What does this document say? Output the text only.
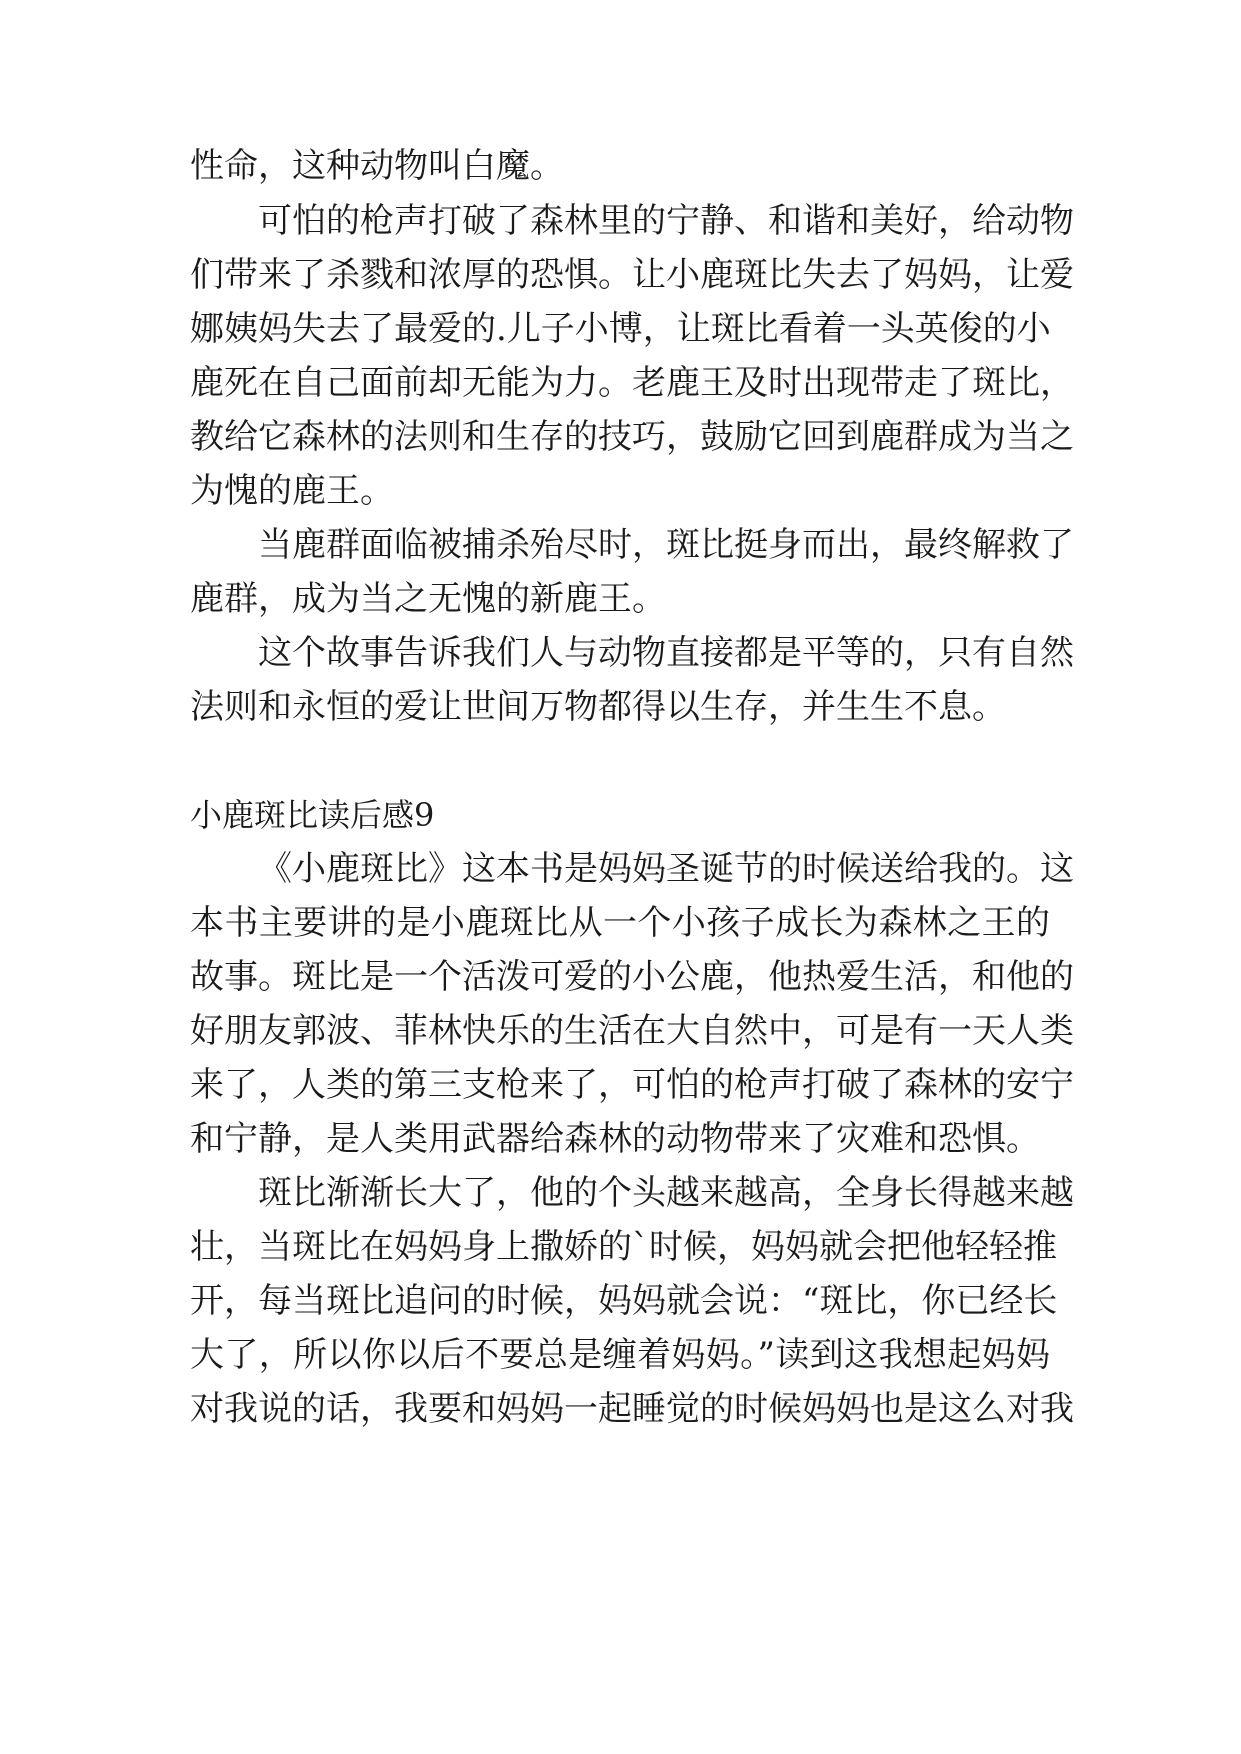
性命，这种动物叫白魔。

可怕的枪声打破了森林里的宁静、和谐和美好，给动物

们带来了杀戮和浓厚的恐惧。让小鹿斑比失去了妈妈，让爱

娜姨妈失去了最爱的.儿子小博，让斑比看着一头英俊的小

鹿死在自己面前却无能为力。老鹿王及时出现带走了斑比，

教给它森林的法则和生存的技巧，鼓励它回到鹿群成为当之

为愧的鹿王。

当鹿群面临被捕杀殆尽时，斑比挺身而出，最终解救了

鹿群，成为当之无愧的新鹿王。

这个故事告诉我们人与动物直接都是平等的，只有自然

法则和永恒的爱让世间万物都得以生存，并生生不息。

小鹿斑比读后感9

《小鹿斑比》这本书是妈妈圣诞节的时候送给我的。这

本书主要讲的是小鹿斑比从一个小孩子成长为森林之王的

故事。斑比是一个活泼可爱的小公鹿，他热爱生活，和他的

好朋友郭波、菲林快乐的生活在大自然中，可是有一天人类

来了，人类的第三支枪来了，可怕的枪声打破了森林的安宁

和宁静，是人类用武器给森林的动物带来了灾难和恐惧。

斑比渐渐长大了，他的个头越来越高，全身长得越来越

壮，当斑比在妈妈身上撒娇的`时候，妈妈就会把他轻轻推

开，每当斑比追问的时候，妈妈就会说：“斑比，你已经长

大了，所以你以后不要总是缠着妈妈。”读到这我想起妈妈

对我说的话，我要和妈妈一起睡觉的时候妈妈也是这么对我
